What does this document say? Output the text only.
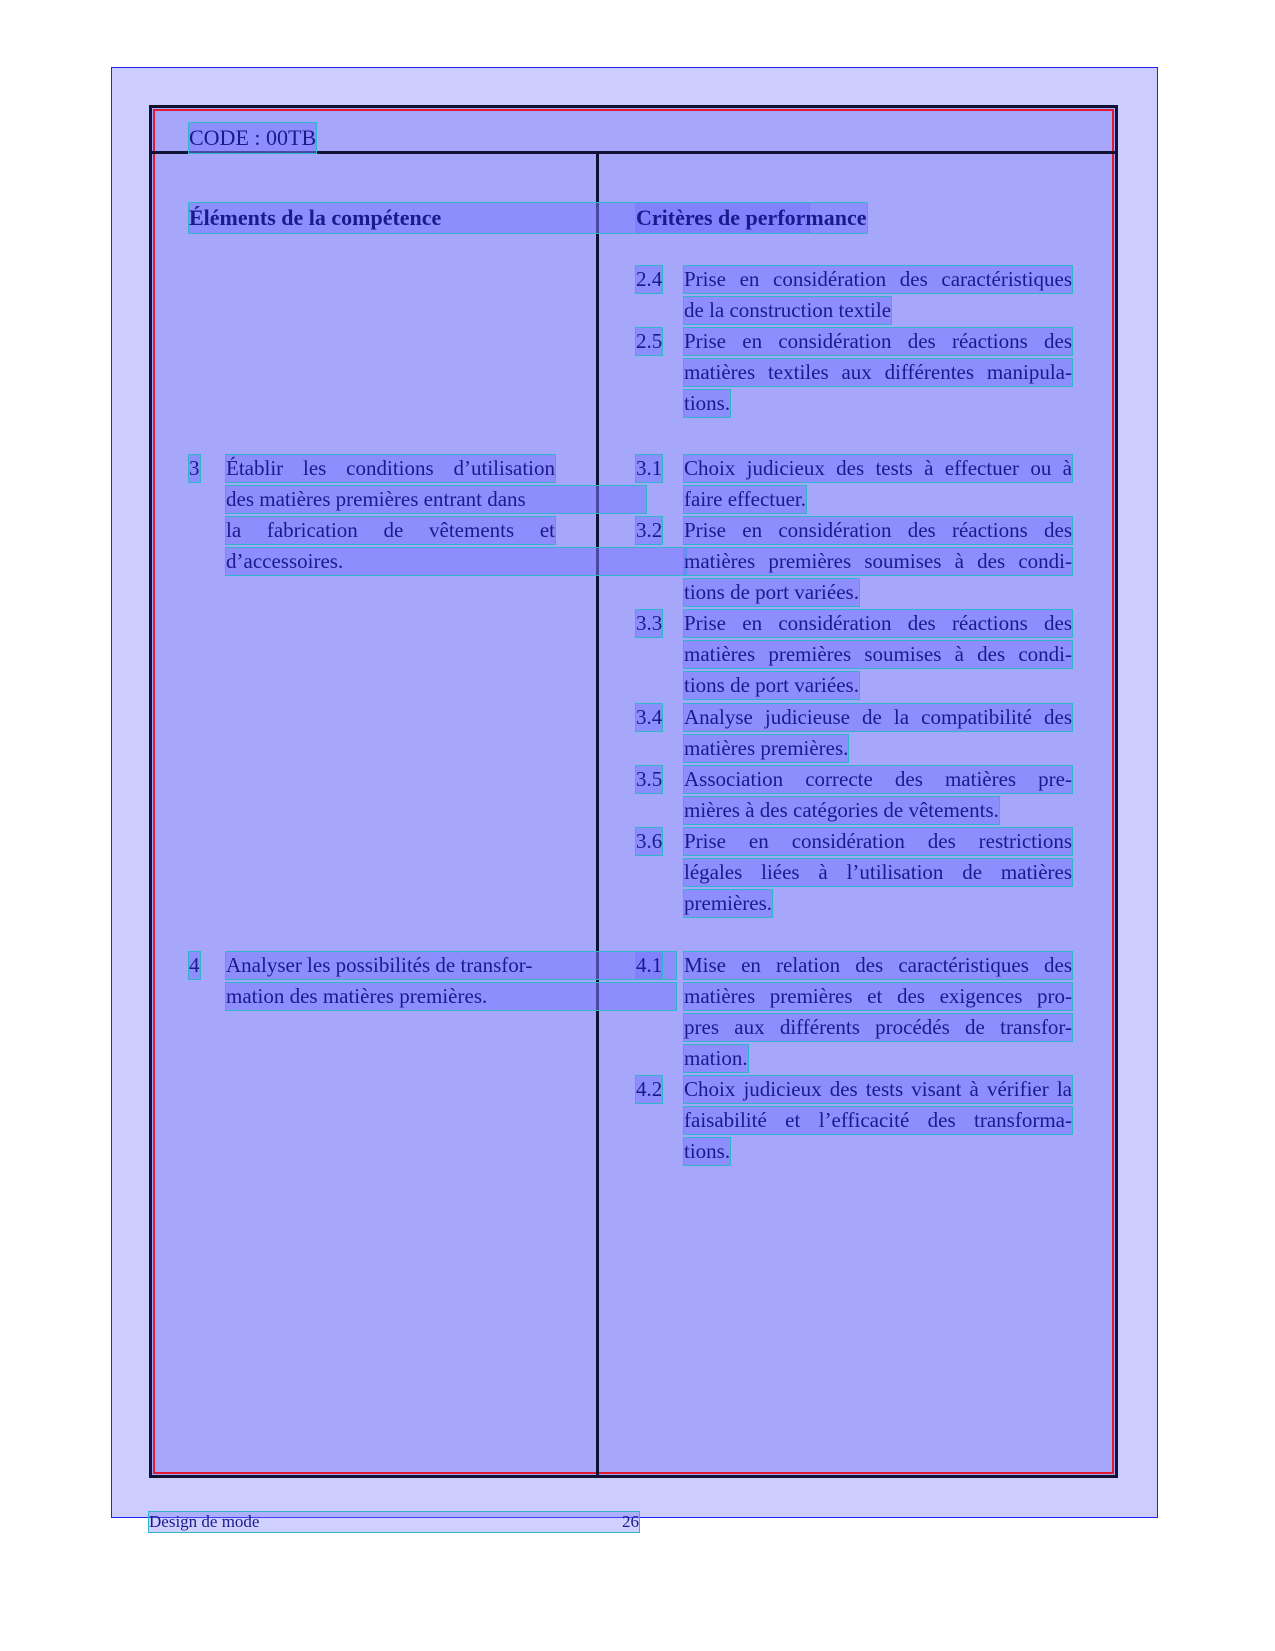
CODE : 00TB
Éléments de la compétence	Critères de performance
3 Établir les conditions d’utilisation
des matières premières entrant dans
la fabrication de vêtements et
d’accessoires.
4 Analyser les possibilités de transfor-
mation des matières premières.
2.4 Prise en considération des caractéristiques
de la construction textile
2.5 Prise en considération des réactions des
matières textiles aux différentes manipula-
tions.
3.1 Choix judicieux des tests à effectuer ou à
faire effectuer.
3.2 Prise en considération des réactions des
matières premières soumises à des condi-
tions de port variées.
3.3 Prise en considération des réactions des
matières premières soumises à des condi-
tions de port variées.
3.4 Analyse judicieuse de la compatibilité des
matières premières.
3.5 Association correcte des matières pre-
mières à des catégories de vêtements.
3.6 Prise en considération des restrictions
légales liées à l’utilisation de matières
premières.
4.1 Mise en relation des caractéristiques des
matières premières et des exigences pro-
pres aux différents procédés de transfor-
mation.
4.2 Choix judicieux des tests visant à vérifier la
faisabilité et l’efficacité des transforma-
tions.
Design de mode	26
